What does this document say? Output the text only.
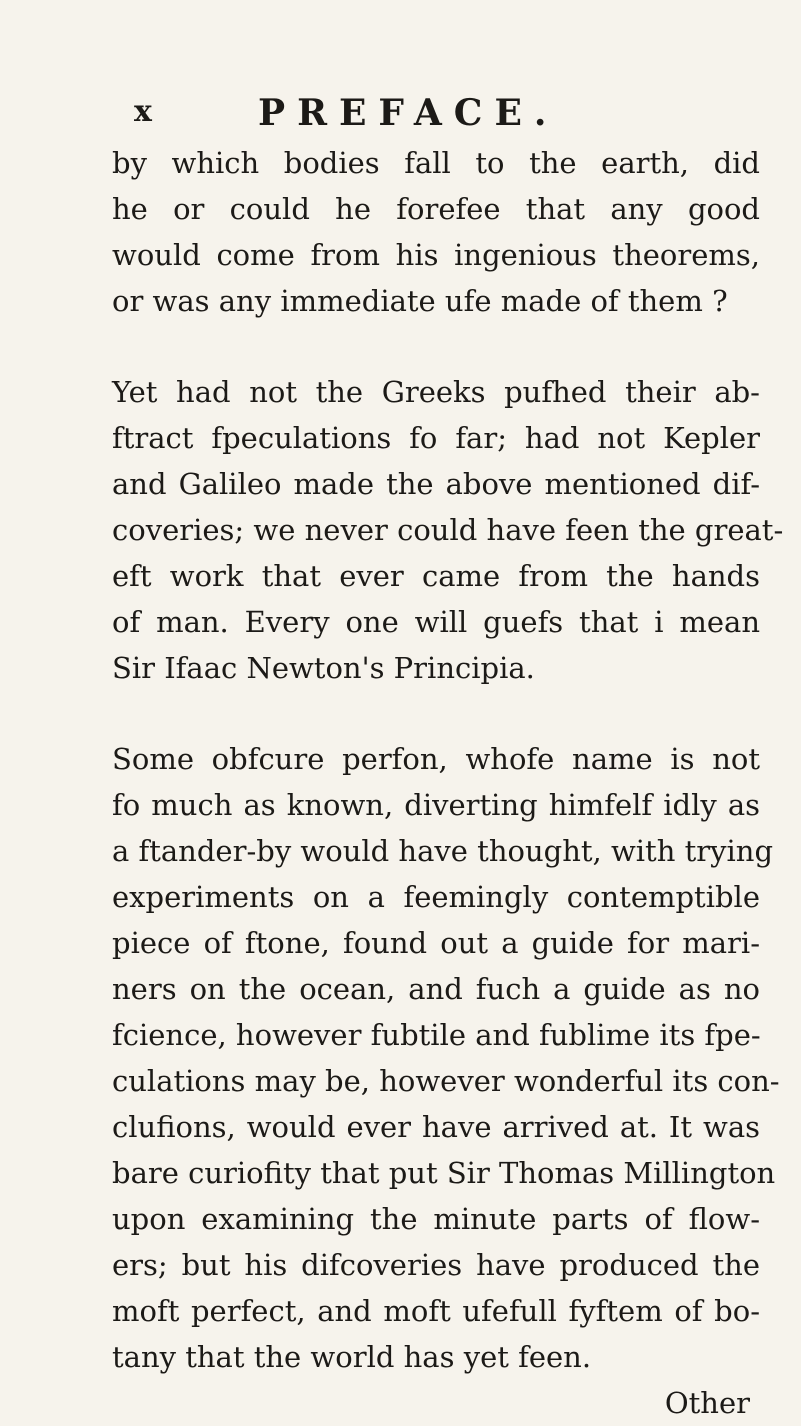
x	PREFACE.
by which bodies fall to the earth, did
he or could he forefee that any good
would come from his ingenious theorems,
or was any immediate ufe made of them ?
Yet had not the Greeks pufhed their ab-
ftract fpeculations fo far; had not Kepler
and Galileo made the above mentioned dif-
coveries; we never could have feen the great-
eft work that ever came from the hands
of man. Every one will guefs that i mean
Sir Ifaac Newton's Principia.
Some obfcure perfon, whofe name is not
fo much as known, diverting himfelf idly as
a ftander-by would have thought, with trying
experiments on a feemingly contemptible
piece of ftone, found out a guide for mari-
ners on the ocean, and fuch a guide as no
fcience, however fubtile and fublime its fpe-
culations may be, however wonderful its con-
clufions, would ever have arrived at. It was
bare curiofity that put Sir Thomas Millington
upon examining the minute parts of flow-
ers; but his difcoveries have produced the
moft perfect, and moft ufefull fyftem of bo-
tany that the world has yet feen.
Other
